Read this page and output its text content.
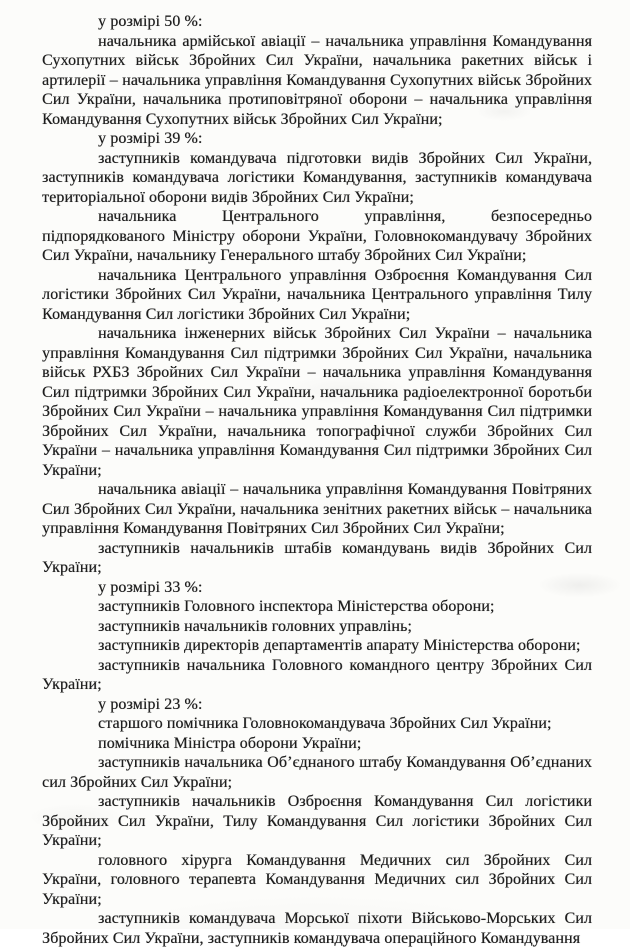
у розмірі 50 %:

начальника армійської авіації – начальника управління Командування Сухопутних військ Збройних Сил України, начальника ракетних військ і артилерії – начальника управління Командування Сухопутних військ Збройних Сил України, начальника протиповітряної оборони – начальника управління Командування Сухопутних військ Збройних Сил України;

у розмірі 39 %:

заступників командувача підготовки видів Збройних Сил України, заступників командувача логістики Командування, заступників командувача територіальної оборони видів Збройних Сил України;

начальника Центрального управління, безпосередньо підпорядкованого Міністру оборони України, Головнокомандувачу Збройних Сил України, начальнику Генерального штабу Збройних Сил України;

начальника Центрального управління Озброєння Командування Сил логістики Збройних Сил України, начальника Центрального управління Тилу Командування Сил логістики Збройних Сил України;

начальника інженерних військ Збройних Сил України – начальника управління Командування Сил підтримки Збройних Сил України, начальника військ РХБЗ Збройних Сил України – начальника управління Командування Сил підтримки Збройних Сил України, начальника радіоелектронної боротьби Збройних Сил України – начальника управління Командування Сил підтримки Збройних Сил України, начальника топографічної служби Збройних Сил України – начальника управління Командування Сил підтримки Збройних Сил України;

начальника авіації – начальника управління Командування Повітряних Сил Збройних Сил України, начальника зенітних ракетних військ – начальника управління Командування Повітряних Сил Збройних Сил України;

заступників начальників штабів командувань видів Збройних Сил України;

у розмірі 33 %:

заступників Головного інспектора Міністерства оборони;

заступників начальників головних управлінь;

заступників директорів департаментів апарату Міністерства оборони;

заступників начальника Головного командного центру Збройних Сил України;

у розмірі 23 %:

старшого помічника Головнокомандувача Збройних Сил України;

помічника Міністра оборони України;

заступників начальника Об’єднаного штабу Командування Об’єднаних сил Збройних Сил України;

заступників начальників Озброєння Командування Сил логістики Збройних Сил України, Тилу Командування Сил логістики Збройних Сил України;

головного хірурга Командування Медичних сил Збройних Сил України, головного терапевта Командування Медичних сил Збройних Сил України;

заступників командувача Морської піхоти Військово-Морських Сил Збройних Сил України, заступників командувача операційного Командування
